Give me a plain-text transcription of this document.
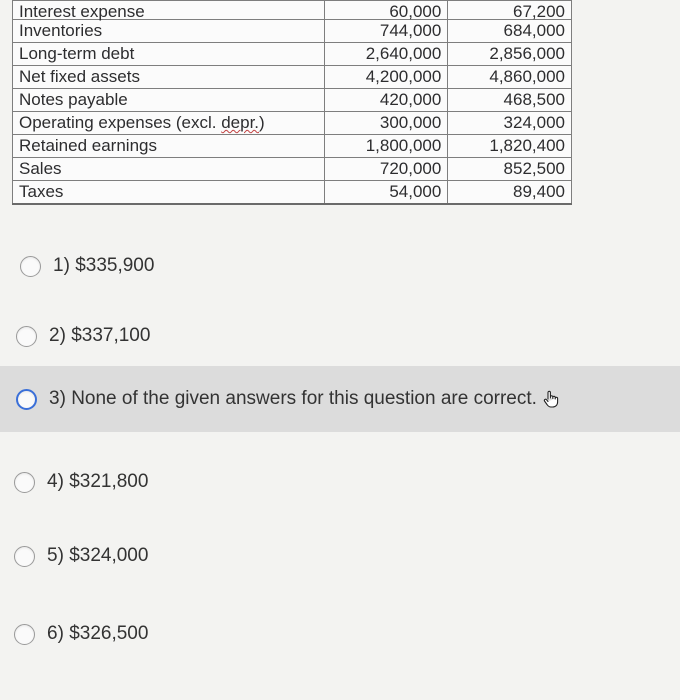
Interest expense	60,000	67,200
Inventories	744,000	684,000
Long-term debt	2,640,000	2,856,000
Net fixed assets	4,200,000	4,860,000
Notes payable	420,000	468,500
Operating expenses (excl. depr.)	300,000	324,000
Retained earnings	1,800,000	1,820,400
Sales	720,000	852,500
Taxes	54,000	89,400
1) $335,900
2) $337,100
3) None of the given answers for this question are correct.
4) $321,800
5) $324,000
6) $326,500
